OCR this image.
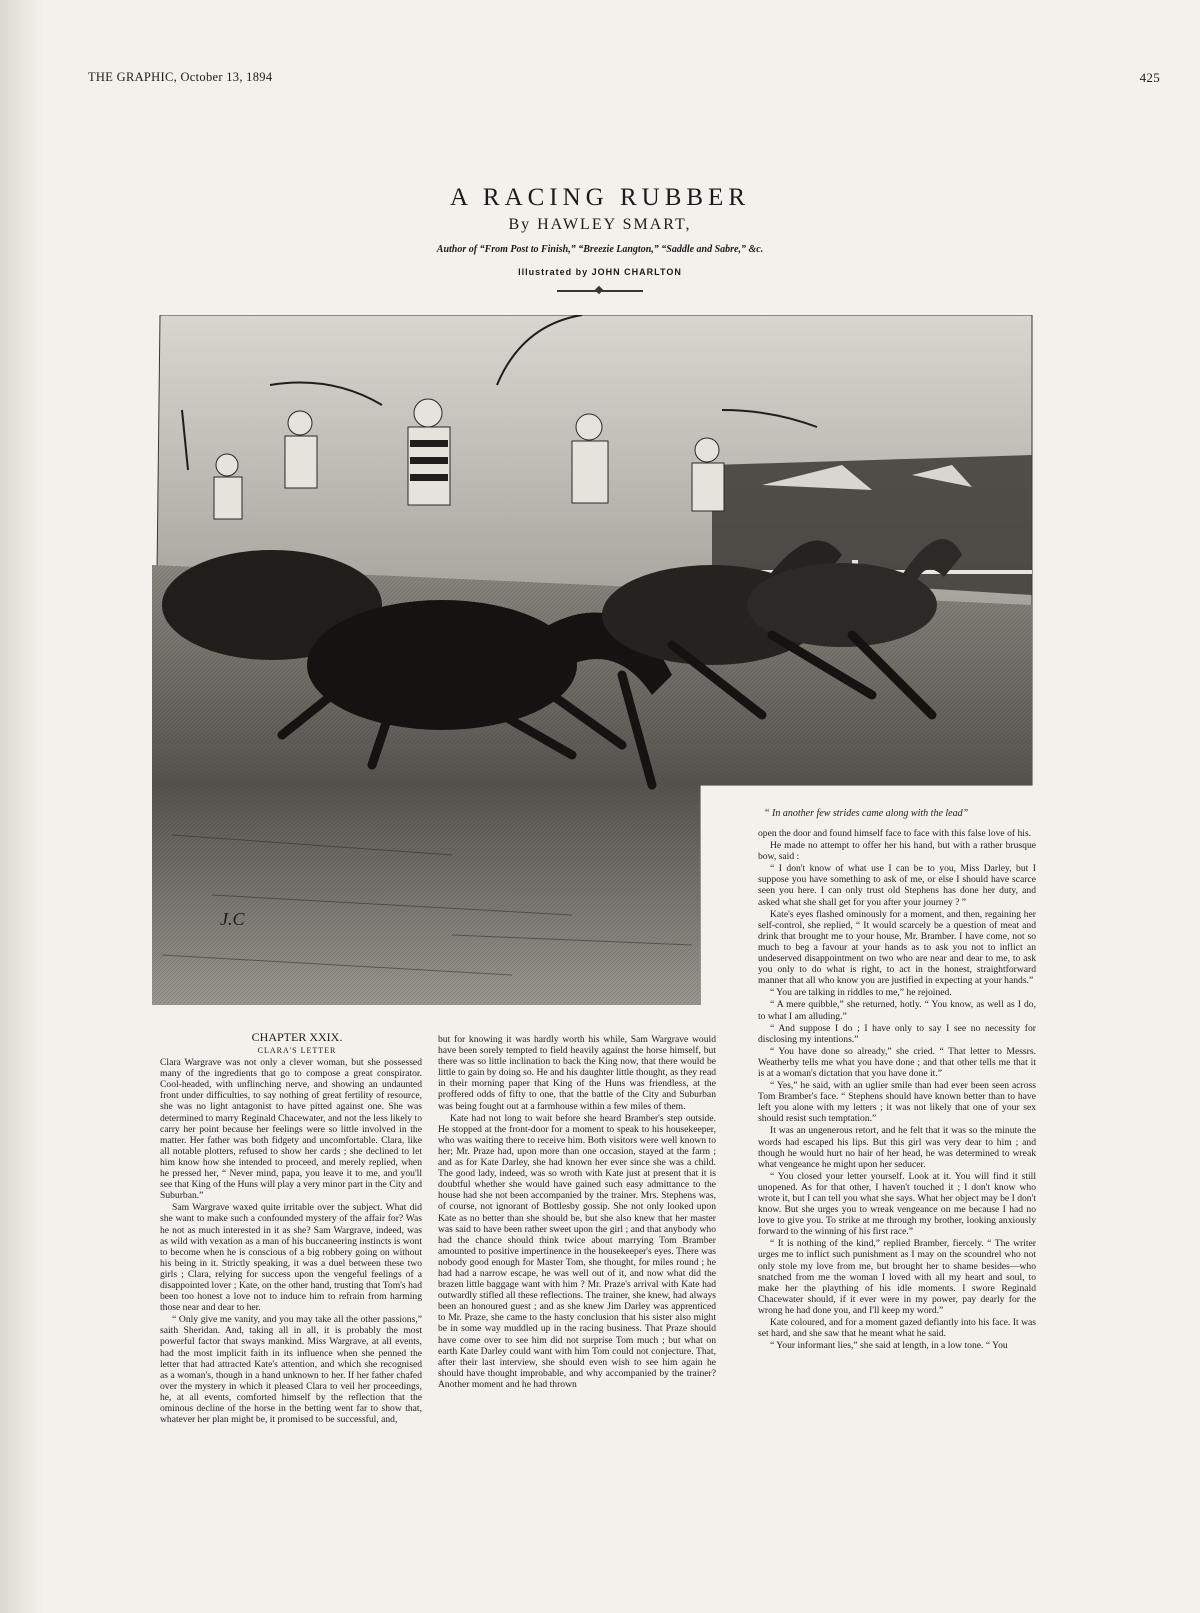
THE GRAPHIC, October 13, 1894	425
A RACING RUBBER
By HAWLEY SMART,
Author of “From Post to Finish,” “Breezie Langton,” “Saddle and Sabre,” &c.
Illustrated by JOHN CHARLTON
J.C
“ In another few strides came along with the lead”

CHAPTER XXIX.

CLARA'S LETTER

Clara Wargrave was not only a clever woman, but she possessed many of the ingredients that go to compose a great conspirator. Cool-headed, with unflinching nerve, and showing an undaunted front under difficulties, to say nothing of great fertility of resource, she was no light antagonist to have pitted against one. She was determined to marry Reginald Chacewater, and not the less likely to carry her point because her feelings were so little involved in the matter. Her father was both fidgety and uncomfortable. Clara, like all notable plotters, refused to show her cards ; she declined to let him know how she intended to proceed, and merely replied, when he pressed her, “ Never mind, papa, you leave it to me, and you'll see that King of the Huns will play a very minor part in the City and Suburban.”

Sam Wargrave waxed quite irritable over the subject. What did she want to make such a confounded mystery of the affair for? Was he not as much interested in it as she? Sam Wargrave, indeed, was as wild with vexation as a man of his buccaneering instincts is wont to become when he is conscious of a big robbery going on without his being in it. Strictly speaking, it was a duel between these two girls ; Clara, relying for success upon the vengeful feelings of a disappointed lover ; Kate, on the other hand, trusting that Tom's had been too honest a love not to induce him to refrain from harming those near and dear to her.

“ Only give me vanity, and you may take all the other passions,” saith Sheridan. And, taking all in all, it is probably the most powerful factor that sways mankind. Miss Wargrave, at all events, had the most implicit faith in its influence when she penned the letter that had attracted Kate's attention, and which she recognised as a woman's, though in a hand unknown to her. If her father chafed over the mystery in which it pleased Clara to veil her proceedings, he, at all events, comforted himself by the reflection that the ominous decline of the horse in the betting went far to show that, whatever her plan might be, it promised to be successful, and,

but for knowing it was hardly worth his while, Sam Wargrave would have been sorely tempted to field heavily against the horse himself, but there was so little inclination to back the King now, that there would be little to gain by doing so. He and his daughter little thought, as they read in their morning paper that King of the Huns was friendless, at the proffered odds of fifty to one, that the battle of the City and Suburban was being fought out at a farmhouse within a few miles of them.

Kate had not long to wait before she heard Bramber's step outside. He stopped at the front-door for a moment to speak to his housekeeper, who was waiting there to receive him. Both visitors were well known to her; Mr. Praze had, upon more than one occasion, stayed at the farm ; and as for Kate Darley, she had known her ever since she was a child. The good lady, indeed, was so wroth with Kate just at present that it is doubtful whether she would have gained such easy admittance to the house had she not been accompanied by the trainer. Mrs. Stephens was, of course, not ignorant of Bottlesby gossip. She not only looked upon Kate as no better than she should be, but she also knew that her master was said to have been rather sweet upon the girl ; and that anybody who had the chance should think twice about marrying Tom Bramber amounted to positive impertinence in the housekeeper's eyes. There was nobody good enough for Master Tom, she thought, for miles round ; he had had a narrow escape, he was well out of it, and now what did the brazen little baggage want with him ? Mr. Praze's arrival with Kate had outwardly stifled all these reflections. The trainer, she knew, had always been an honoured guest ; and as she knew Jim Darley was apprenticed to Mr. Praze, she came to the hasty conclusion that his sister also might be in some way muddled up in the racing business. That Praze should have come over to see him did not surprise Tom much ; but what on earth Kate Darley could want with him Tom could not conjecture. That, after their last interview, she should even wish to see him again he should have thought improbable, and why accompanied by the trainer? Another moment and he had thrown

open the door and found himself face to face with this false love of his.

He made no attempt to offer her his hand, but with a rather brusque bow, said :

“ I don't know of what use I can be to you, Miss Darley, but I suppose you have something to ask of me, or else I should have scarce seen you here. I can only trust old Stephens has done her duty, and asked what she shall get for you after your journey ? ”

Kate's eyes flashed ominously for a moment, and then, regaining her self-control, she replied, “ It would scarcely be a question of meat and drink that brought me to your house, Mr. Bramber. I have come, not so much to beg a favour at your hands as to ask you not to inflict an undeserved disappointment on two who are near and dear to me, to ask you only to do what is right, to act in the honest, straightforward manner that all who know you are justified in expecting at your hands.”

“ You are talking in riddles to me,” he rejoined.

“ A mere quibble,” she returned, hotly. “ You know, as well as I do, to what I am alluding.”

“ And suppose I do ; I have only to say I see no necessity for disclosing my intentions.”

“ You have done so already,” she cried. “ That letter to Messrs. Weatherby tells me what you have done ; and that other tells me that it is at a woman's dictation that you have done it.”

“ Yes,” he said, with an uglier smile than had ever been seen across Tom Bramber's face. “ Stephens should have known better than to have left you alone with my letters ; it was not likely that one of your sex should resist such temptation.”

It was an ungenerous retort, and he felt that it was so the minute the words had escaped his lips. But this girl was very dear to him ; and though he would hurt no hair of her head, he was determined to wreak what vengeance he might upon her seducer.

“ You closed your letter yourself. Look at it. You will find it still unopened. As for that other, I haven't touched it ; I don't know who wrote it, but I can tell you what she says. What her object may be I don't know. But she urges you to wreak vengeance on me because I had no love to give you. To strike at me through my brother, looking anxiously forward to the winning of his first race.”

“ It is nothing of the kind,” replied Bramber, fiercely. “ The writer urges me to inflict such punishment as I may on the scoundrel who not only stole my love from me, but brought her to shame besides—who snatched from me the woman I loved with all my heart and soul, to make her the plaything of his idle moments. I swore Reginald Chacewater should, if it ever were in my power, pay dearly for the wrong he had done you, and I'll keep my word.”

Kate coloured, and for a moment gazed defiantly into his face. It was set hard, and she saw that he meant what he said.

“ Your informant lies,” she said at length, in a low tone. “ You
